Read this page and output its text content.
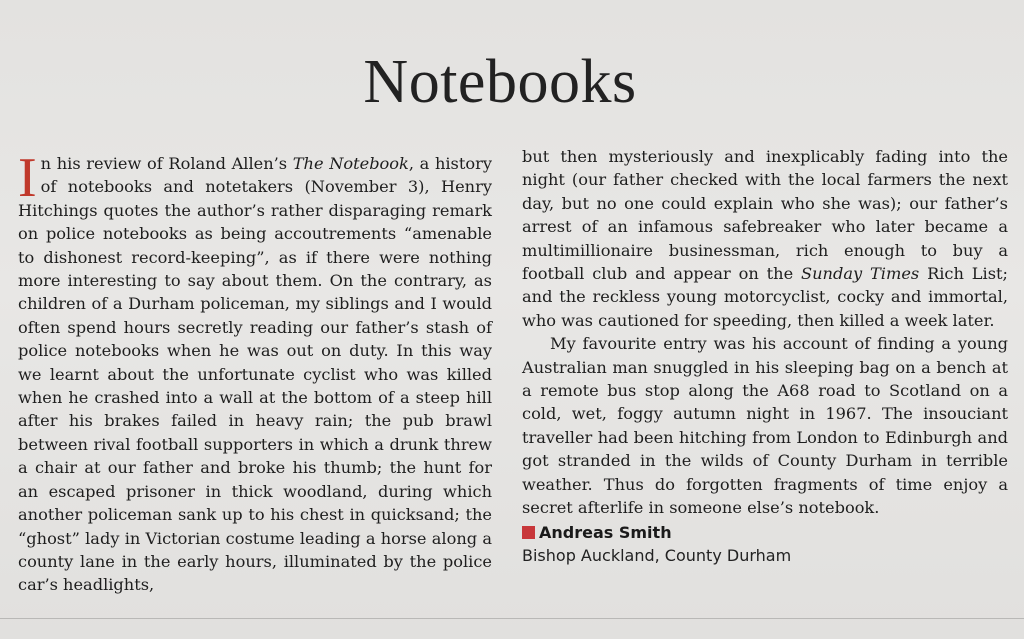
Notebooks

In his review of Roland Allen’s The Notebook, a history of notebooks and notetakers (November 3), Henry Hitchings quotes the author’s rather disparaging remark on police notebooks as being accoutrements “amenable to dishonest record-keeping”, as if there were nothing more interesting to say about them. On the contrary, as children of a Durham policeman, my siblings and I would often spend hours secretly reading our father’s stash of police notebooks when he was out on duty. In this way we learnt about the unfortunate cyclist who was killed when he crashed into a wall at the bottom of a steep hill after his brakes failed in heavy rain; the pub brawl between rival football supporters in which a drunk threw a chair at our father and broke his thumb; the hunt for an escaped prisoner in thick woodland, during which another policeman sank up to his chest in quicksand; the “ghost” lady in Victorian costume leading a horse along a county lane in the early hours, illuminated by the police car’s headlights,

but then mysteriously and inexplicably fading into the night (our father checked with the local farmers the next day, but no one could explain who she was); our father’s arrest of an infamous safebreaker who later became a multimillionaire businessman, rich enough to buy a football club and appear on the Sunday Times Rich List; and the reckless young motorcyclist, cocky and immortal, who was cautioned for speeding, then killed a week later.

My favourite entry was his account of finding a young Australian man snuggled in his sleeping bag on a bench at a remote bus stop along the A68 road to Scotland on a cold, wet, foggy autumn night in 1967. The insouciant traveller had been hitching from London to Edinburgh and got stranded in the wilds of County Durham in terrible weather. Thus do forgotten fragments of time enjoy a secret afterlife in someone else’s notebook.

Andreas Smith
Bishop Auckland, County Durham
